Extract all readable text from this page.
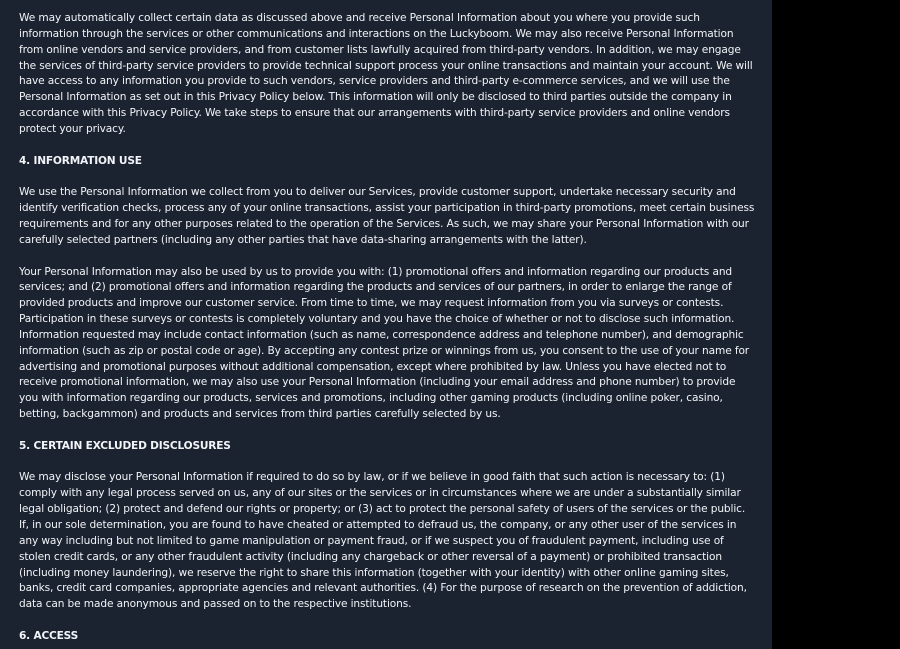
We may automatically collect certain data as discussed above and receive Personal Information about you where you provide such information through the services or other communications and interactions on the Luckyboom. We may also receive Personal Information from online vendors and service providers, and from customer lists lawfully acquired from third-party vendors. In addition, we may engage the services of third-party service providers to provide technical support process your online transactions and maintain your account. We will have access to any information you provide to such vendors, service providers and third-party e-commerce services, and we will use the Personal Information as set out in this Privacy Policy below. This information will only be disclosed to third parties outside the company in accordance with this Privacy Policy. We take steps to ensure that our arrangements with third-party service providers and online vendors protect your privacy.

4. INFORMATION USE

We use the Personal Information we collect from you to deliver our Services, provide customer support, undertake necessary security and identify verification checks, process any of your online transactions, assist your participation in third-party promotions, meet certain business requirements and for any other purposes related to the operation of the Services. As such, we may share your Personal Information with our carefully selected partners (including any other parties that have data-sharing arrangements with the latter).

Your Personal Information may also be used by us to provide you with: (1) promotional offers and information regarding our products and services; and (2) promotional offers and information regarding the products and services of our partners, in order to enlarge the range of provided products and improve our customer service. From time to time, we may request information from you via surveys or contests. Participation in these surveys or contests is completely voluntary and you have the choice of whether or not to disclose such information. Information requested may include contact information (such as name, correspondence address and telephone number), and demographic information (such as zip or postal code or age). By accepting any contest prize or winnings from us, you consent to the use of your name for advertising and promotional purposes without additional compensation, except where prohibited by law. Unless you have elected not to receive promotional information, we may also use your Personal Information (including your email address and phone number) to provide you with information regarding our products, services and promotions, including other gaming products (including online poker, casino, betting, backgammon) and products and services from third parties carefully selected by us.

5. CERTAIN EXCLUDED DISCLOSURES

We may disclose your Personal Information if required to do so by law, or if we believe in good faith that such action is necessary to: (1) comply with any legal process served on us, any of our sites or the services or in circumstances where we are under a substantially similar legal obligation; (2) protect and defend our rights or property; or (3) act to protect the personal safety of users of the services or the public. If, in our sole determination, you are found to have cheated or attempted to defraud us, the company, or any other user of the services in any way including but not limited to game manipulation or payment fraud, or if we suspect you of fraudulent payment, including use of stolen credit cards, or any other fraudulent activity (including any chargeback or other reversal of a payment) or prohibited transaction (including money laundering), we reserve the right to share this information (together with your identity) with other online gaming sites, banks, credit card companies, appropriate agencies and relevant authorities. (4) For the purpose of research on the prevention of addiction, data can be made anonymous and passed on to the respective institutions.

6. ACCESS
